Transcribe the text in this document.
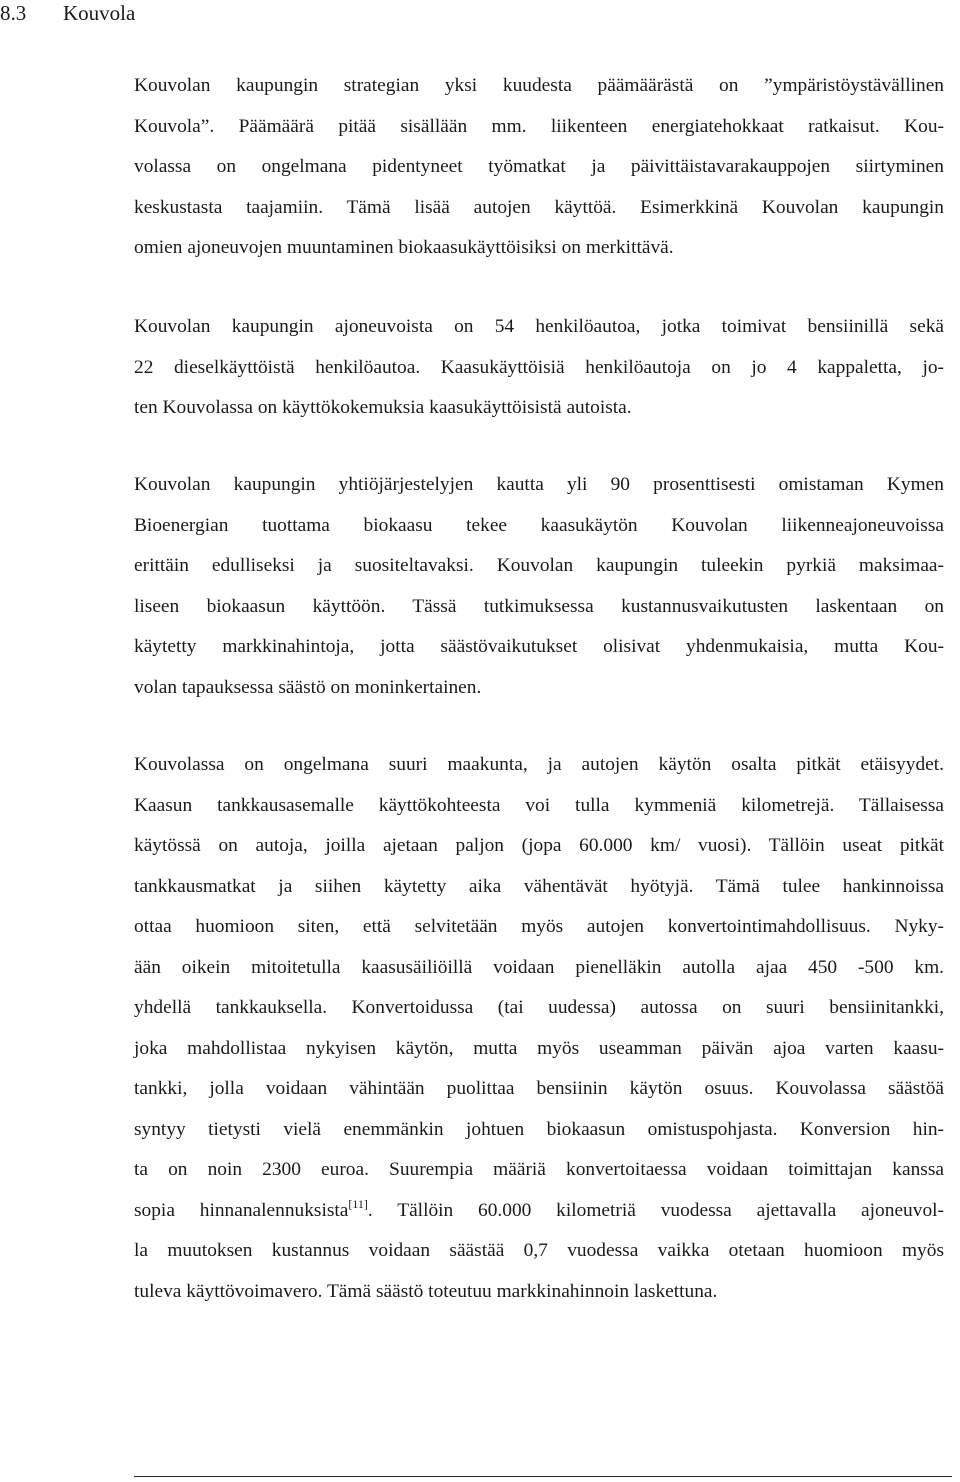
8.3 Kouvola
Kouvolan kaupungin strategian yksi kuudesta päämäärästä on ”ympäristöystävällinen
Kouvola”. Päämäärä pitää sisällään mm. liikenteen energiatehokkaat ratkaisut. Kou-
volassa on ongelmana pidentyneet työmatkat ja päivittäistavarakauppojen siirtyminen
keskustasta taajamiin. Tämä lisää autojen käyttöä. Esimerkkinä Kouvolan kaupungin
omien ajoneuvojen muuntaminen biokaasukäyttöisiksi on merkittävä.
Kouvolan kaupungin ajoneuvoista on 54 henkilöautoa, jotka toimivat bensiinillä sekä
22 dieselkäyttöistä henkilöautoa. Kaasukäyttöisiä henkilöautoja on jo 4 kappaletta, jo-
ten Kouvolassa on käyttökokemuksia kaasukäyttöisistä autoista.
Kouvolan kaupungin yhtiöjärjestelyjen kautta yli 90 prosenttisesti omistaman Kymen
Bioenergian tuottama biokaasu tekee kaasukäytön Kouvolan liikenneajoneuvoissa
erittäin edulliseksi ja suositeltavaksi. Kouvolan kaupungin tuleekin pyrkiä maksimaa-
liseen biokaasun käyttöön. Tässä tutkimuksessa kustannusvaikutusten laskentaan on
käytetty markkinahintoja, jotta säästövaikutukset olisivat yhdenmukaisia, mutta Kou-
volan tapauksessa säästö on moninkertainen.
Kouvolassa on ongelmana suuri maakunta, ja autojen käytön osalta pitkät etäisyydet.
Kaasun tankkausasemalle käyttökohteesta voi tulla kymmeniä kilometrejä. Tällaisessa
käytössä on autoja, joilla ajetaan paljon (jopa 60.000 km/ vuosi). Tällöin useat pitkät
tankkausmatkat ja siihen käytetty aika vähentävät hyötyjä. Tämä tulee hankinnoissa
ottaa huomioon siten, että selvitetään myös autojen konvertointimahdollisuus. Nyky-
ään oikein mitoitetulla kaasusäiliöillä voidaan pienelläkin autolla ajaa 450 -500 km.
yhdellä tankkauksella. Konvertoidussa (tai uudessa) autossa on suuri bensiinitankki,
joka mahdollistaa nykyisen käytön, mutta myös useamman päivän ajoa varten kaasu-
tankki, jolla voidaan vähintään puolittaa bensiinin käytön osuus. Kouvolassa säästöä
syntyy tietysti vielä enemmänkin johtuen biokaasun omistuspohjasta. Konversion hin-
ta on noin 2300 euroa. Suurempia määriä konvertoitaessa voidaan toimittajan kanssa
sopia hinnanalennuksista[11]. Tällöin 60.000 kilometriä vuodessa ajettavalla ajoneuvol-
la muutoksen kustannus voidaan säästää 0,7 vuodessa vaikka otetaan huomioon myös
tuleva käyttövoimavero. Tämä säästö toteutuu markkinahinnoin laskettuna.
